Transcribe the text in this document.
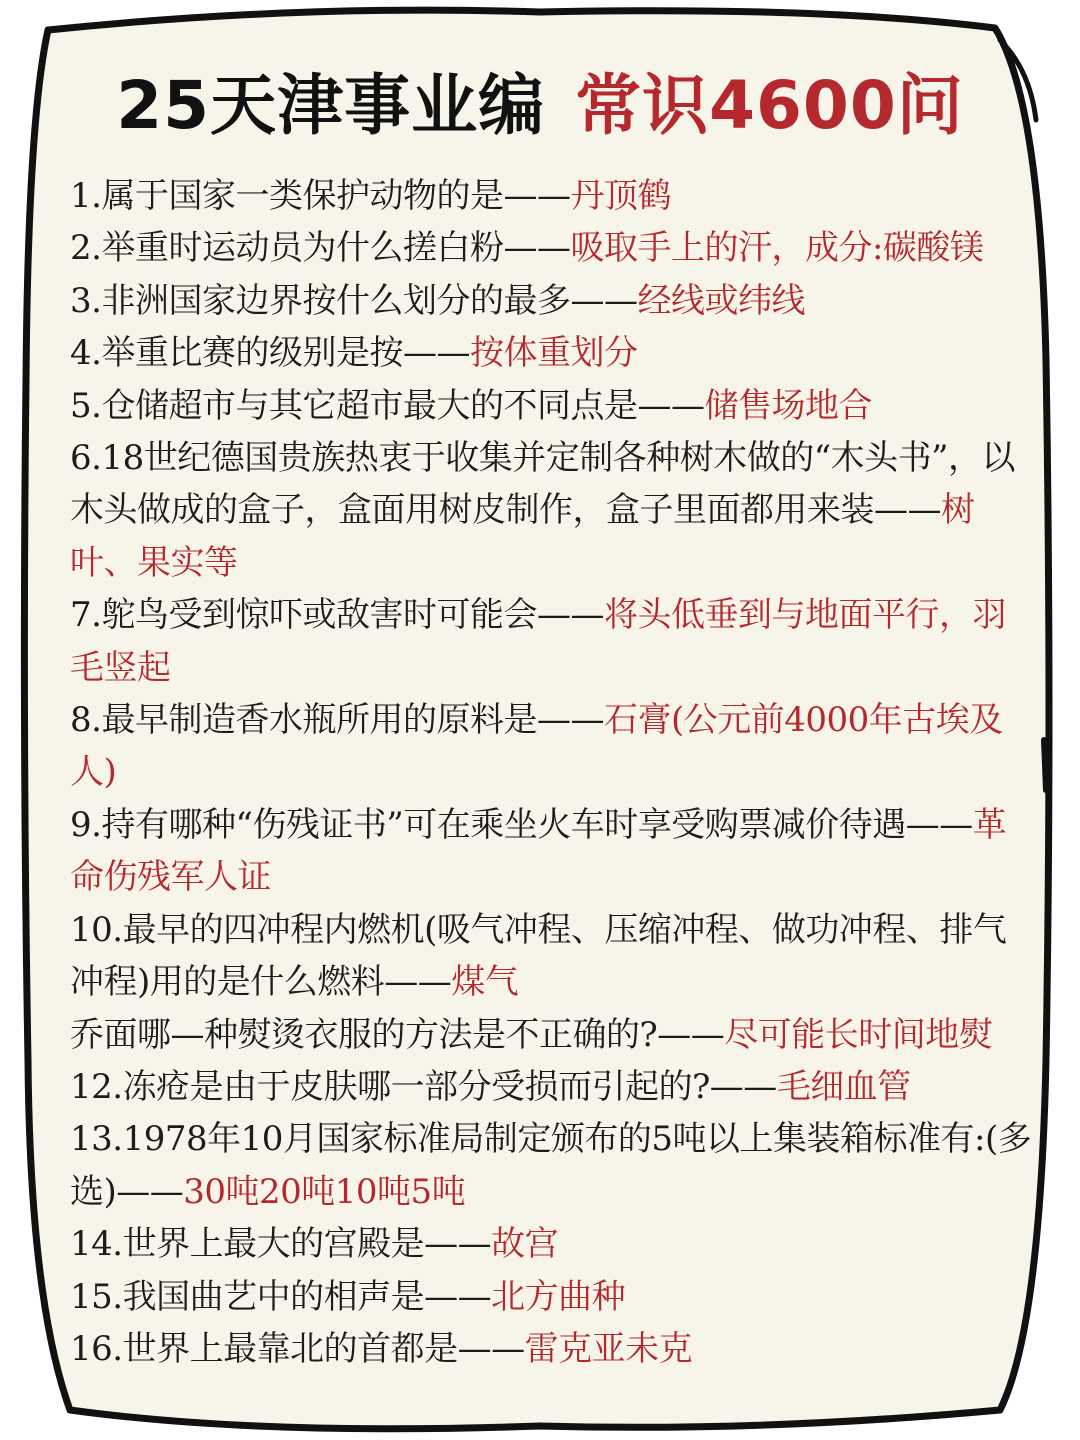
25天津事业编 常识4600问
1.属于国家一类保护动物的是——丹顶鹤
2.举重时运动员为什么搓白粉——吸取手上的汗，成分:碳酸镁
3.非洲国家边界按什么划分的最多——经线或纬线
4.举重比赛的级别是按——按体重划分
5.仓储超市与其它超市最大的不同点是——储售场地合
6.18世纪德国贵族热衷于收集并定制各种树木做的“木头书”，以木头做成的盒子，盒面用树皮制作，盒子里面都用来装——树叶、果实等
7.鸵鸟受到惊吓或敌害时可能会——将头低垂到与地面平行，羽毛竖起
8.最早制造香水瓶所用的原料是——石膏(公元前4000年古埃及人)
9.持有哪种“伤残证书”可在乘坐火车时享受购票减价待遇——革命伤残军人证
10.最早的四冲程内燃机(吸气冲程、压缩冲程、做功冲程、排气冲程)用的是什么燃料——煤气
乔面哪—种熨烫衣服的方法是不正确的?——尽可能长时间地熨
12.冻疮是由于皮肤哪一部分受损而引起的?——毛细血管
13.1978年10月国家标准局制定颁布的5吨以上集装箱标准有:(多选)——30吨20吨10吨5吨
14.世界上最大的宫殿是——故宫
15.我国曲艺中的相声是——北方曲种
16.世界上最靠北的首都是——雷克亚未克
